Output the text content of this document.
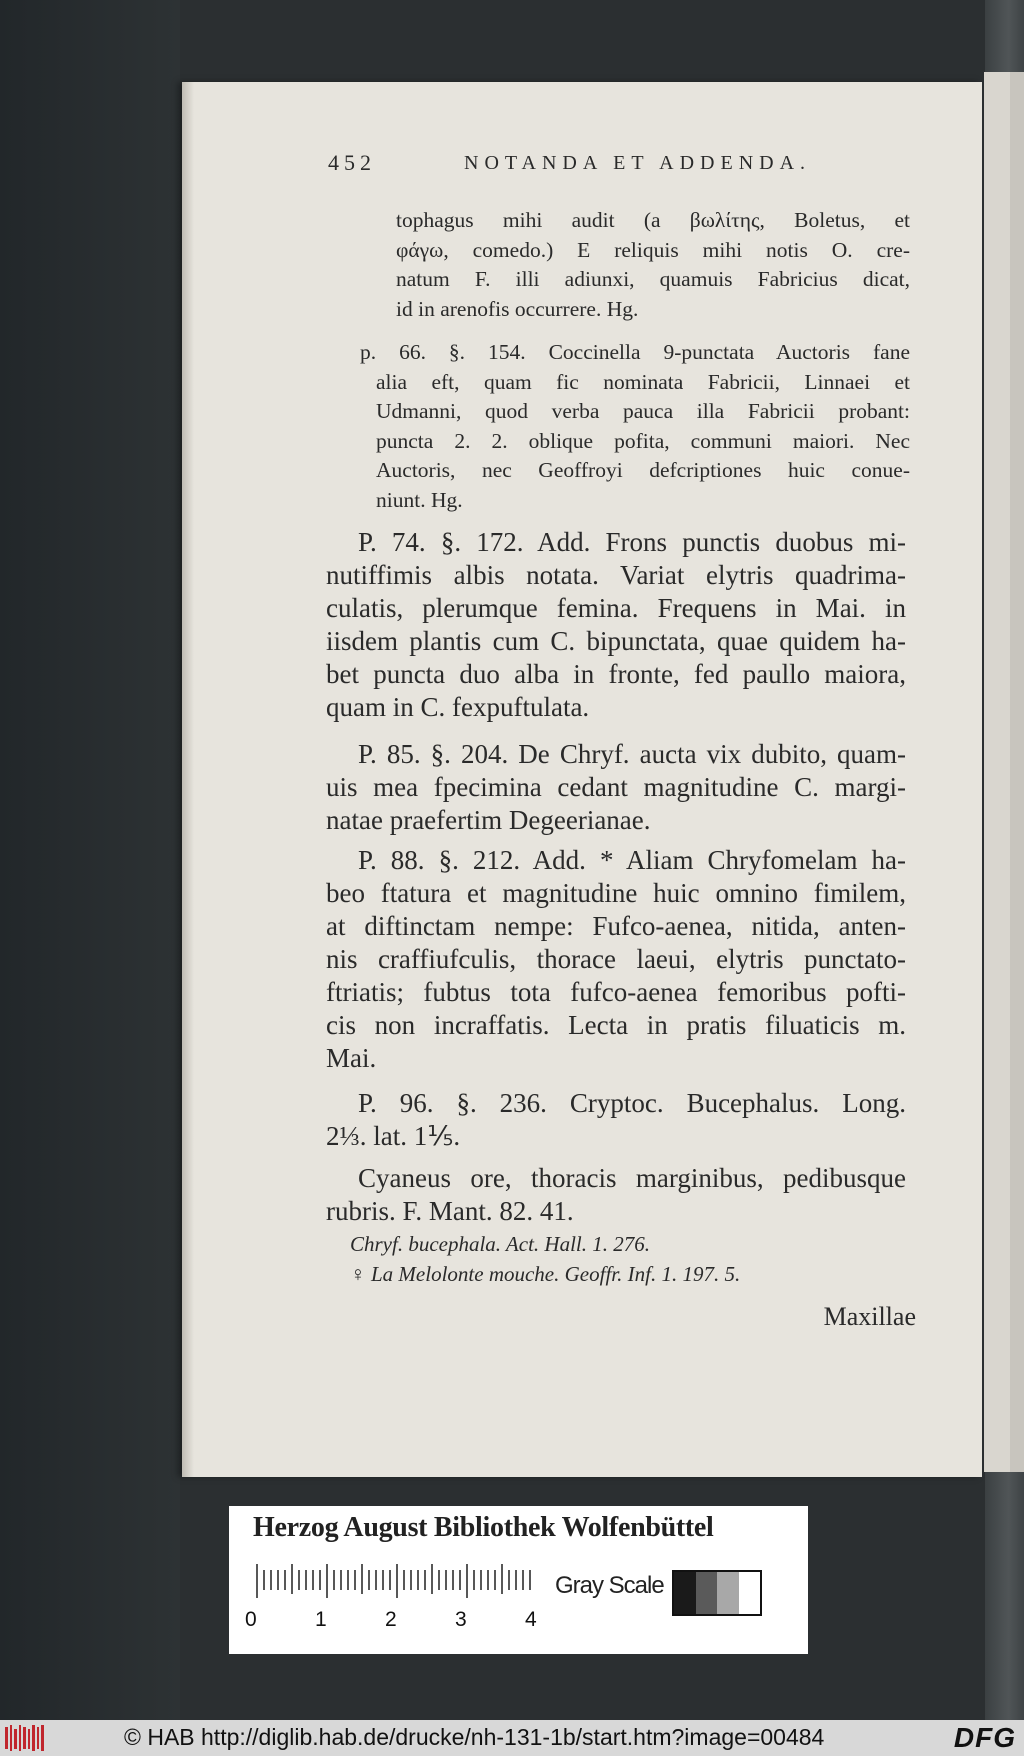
452	NOTANDA ET ADDENDA.
tophagus mihi audit (a βωλίτης, Boletus, et
φάγω, comedo.) E reliquis mihi notis O. cre-
natum F. illi adiunxi, quamuis Fabricius dicat,
id in arenofis occurrere. Hg.
p. 66. §. 154. Coccinella 9-punctata Auctoris fane
alia eft, quam fic nominata Fabricii, Linnaei et
Udmanni, quod verba pauca illa Fabricii probant:
puncta 2. 2. oblique pofita, communi maiori. Nec
Auctoris, nec Geoffroyi defcriptiones huic conue-
niunt. Hg.
P. 74. §. 172. Add. Frons punctis duobus mi-
nutiffimis albis notata. Variat elytris quadrima-
culatis, plerumque femina. Frequens in Mai. in
iisdem plantis cum C. bipunctata, quae quidem ha-
bet puncta duo alba in fronte, fed paullo maiora,
quam in C. fexpuftulata.
P. 85. §. 204. De Chryf. aucta vix dubito, quam-
uis mea fpecimina cedant magnitudine C. margi-
natae praefertim Degeerianae.
P. 88. §. 212. Add. * Aliam Chryfomelam ha-
beo ftatura et magnitudine huic omnino fimilem,
at diftinctam nempe: Fufco-aenea, nitida, anten-
nis craffiufculis, thorace laeui, elytris punctato-
ftriatis; fubtus tota fufco-aenea femoribus pofti-
cis non incraffatis. Lecta in pratis filuaticis m.
Mai.
P. 96. §. 236. Cryptoc. Bucephalus. Long.
2⅓. lat. 1⅕.
Cyaneus ore, thoracis marginibus, pedibusque
rubris. F. Mant. 82. 41.
Chryf. bucephala. Act. Hall. 1. 276.
♀ La Melolonte mouche. Geoffr. Inf. 1. 197. 5.
Maxillae
Herzog August Bibliothek Wolfenbüttel
0	1	2	3	4
Gray Scale
© HAB http://diglib.hab.de/drucke/nh-131-1b/start.htm?image=00484	DFG
